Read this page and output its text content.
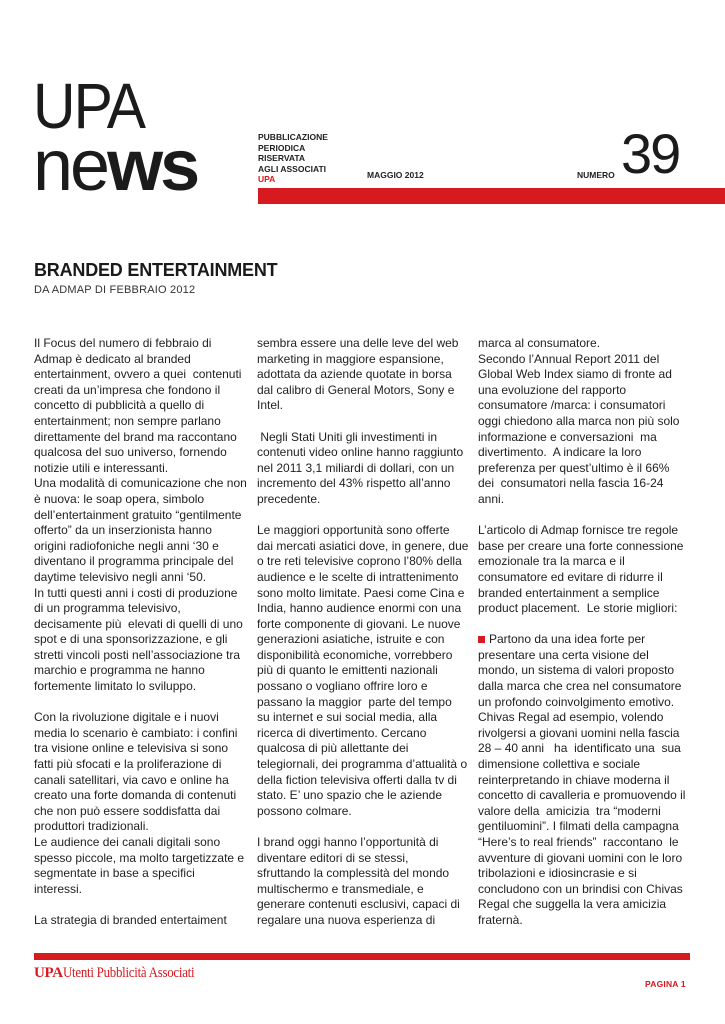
UPA
news	PUBBLICAZIONE
PERIODICA
RISERVATA
AGLI ASSOCIATI
UPA	MAGGIO 2012	NUMERO 39
BRANDED ENTERTAINMENT
DA ADMAP DI FEBBRAIO 2012

Il Focus del numero di febbraio di

Admap è dedicato al branded

entertainment, ovvero a quei  contenuti

creati da un’impresa che fondono il

concetto di pubblicità a quello di

entertainment; non sempre parlano

direttamente del brand ma raccontano

qualcosa del suo universo, fornendo

notizie utili e interessanti.

Una modalità di comunicazione che non

è nuova: le soap opera, simbolo

dell’entertainment gratuito “gentilmente

offerto” da un inserzionista hanno

origini radiofoniche negli anni ‘30 e

diventano il programma principale del

daytime televisivo negli anni ‘50.

In tutti questi anni i costi di produzione

di un programma televisivo,

decisamente più  elevati di quelli di uno

spot e di una sponsorizzazione, e gli

stretti vincoli posti nell’associazione tra

marchio e programma ne hanno

fortemente limitato lo sviluppo.

Con la rivoluzione digitale e i nuovi

media lo scenario è cambiato: i confini

tra visione online e televisiva si sono

fatti più sfocati e la proliferazione di

canali satellitari, via cavo e online ha

creato una forte domanda di contenuti

che non può essere soddisfatta dai

produttori tradizionali.

Le audience dei canali digitali sono

spesso piccole, ma molto targetizzate e

segmentate in base a specifici

interessi.

La strategia di branded entertaiment

sembra essere una delle leve del web

marketing in maggiore espansione,

adottata da aziende quotate in borsa

dal calibro di General Motors, Sony e

Intel.

Negli Stati Uniti gli investimenti in

contenuti video online hanno raggiunto

nel 2011 3,1 miliardi di dollari, con un

incremento del 43% rispetto all’anno

precedente.

Le maggiori opportunità sono offerte

dai mercati asiatici dove, in genere, due

o tre reti televisive coprono l’80% della

audience e le scelte di intrattenimento

sono molto limitate. Paesi come Cina e

India, hanno audience enormi con una

forte componente di giovani. Le nuove

generazioni asiatiche, istruite e con

disponibilità economiche, vorrebbero

più di quanto le emittenti nazionali

possano o vogliano offrire loro e

passano la maggior  parte del tempo

su internet e sui social media, alla

ricerca di divertimento. Cercano

qualcosa di più allettante dei

telegiornali, dei programma d’attualità o

della fiction televisiva offerti dalla tv di

stato. E’ uno spazio che le aziende

possono colmare.

I brand oggi hanno l’opportunità di

diventare editori di se stessi,

sfruttando la complessità del mondo

multischermo e transmediale, e

generare contenuti esclusivi, capaci di

regalare una nuova esperienza di

marca al consumatore.

Secondo l’Annual Report 2011 del

Global Web Index siamo di fronte ad

una evoluzione del rapporto

consumatore /marca: i consumatori

oggi chiedono alla marca non più solo

informazione e conversazioni  ma

divertimento.  A indicare la loro

preferenza per quest’ultimo è il 66%

dei  consumatori nella fascia 16-24

anni.

L’articolo di Admap fornisce tre regole

base per creare una forte connessione

emozionale tra la marca e il

consumatore ed evitare di ridurre il

branded entertainment a semplice

product placement.  Le storie migliori:

Partono da una idea forte per

presentare una certa visione del

mondo, un sistema di valori proposto

dalla marca che crea nel consumatore

un profondo coinvolgimento emotivo.

Chivas Regal ad esempio, volendo

rivolgersi a giovani uomini nella fascia

28 – 40 anni   ha  identificato una  sua

dimensione collettiva e sociale

reinterpretando in chiave moderna il

concetto di cavalleria e promuovendo il

valore della  amicizia  tra “moderni

gentiluomini”. I filmati della campagna

“Here’s to real friends”  raccontano  le

avventure di giovani uomini con le loro

tribolazioni e idiosincrasie e si

concludono con un brindisi con Chivas

Regal che suggella la vera amicizia

fraternà.

UPAUtenti Pubblicità Associati
PAGINA 1
